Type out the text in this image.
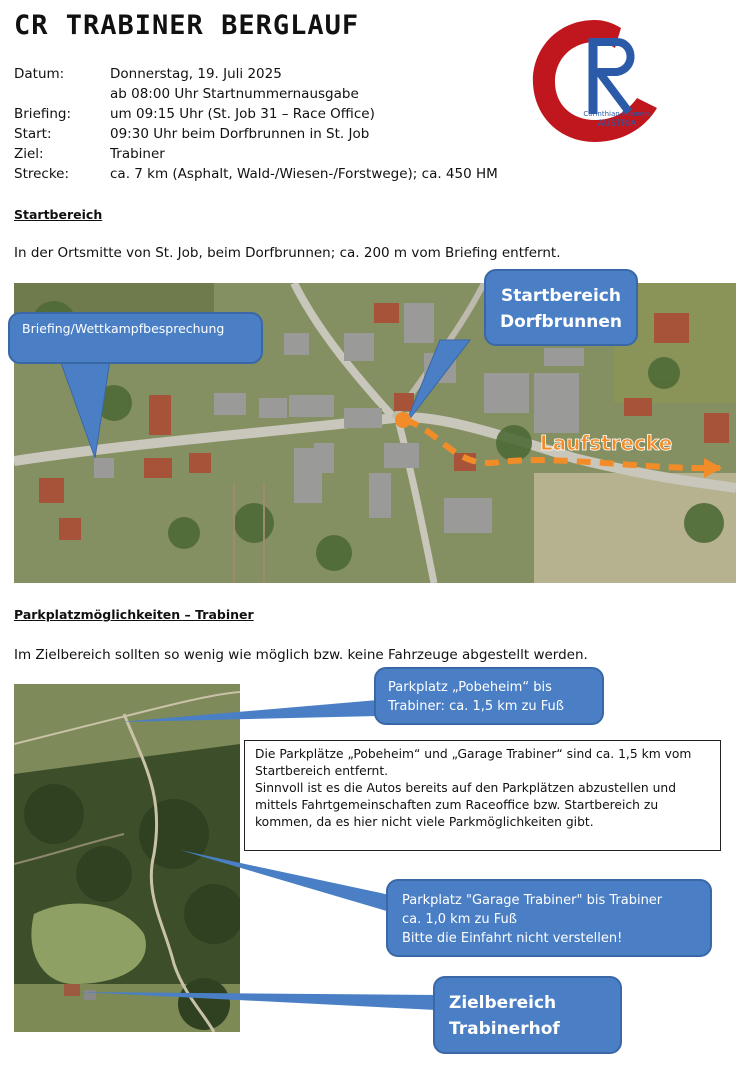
CR TRABINER BERGLAUF
Corinthian Runners
AUSTRIA
Datum:	Donnerstag, 19. Juli 2025
ab 08:00 Uhr Startnummernausgabe
Briefing:	um 09:15 Uhr (St. Job 31 – Race Office)
Start:	09:30 Uhr beim Dorfbrunnen in St. Job
Ziel:	Trabiner
Strecke:	ca. 7 km (Asphalt, Wald-/Wiesen-/Forstwege); ca. 450 HM
Startbereich
In der Ortsmitte von St. Job, beim Dorfbrunnen; ca. 200 m vom Briefing entfernt.
Laufstrecke
Briefing/Wettkampfbesprechung
Startbereich
Dorfbrunnen
Parkplatzmöglichkeiten – Trabiner
Im Zielbereich sollten so wenig wie möglich bzw. keine Fahrzeuge abgestellt werden.
Parkplatz „Pobeheim“ bis
Trabiner: ca. 1,5 km zu Fuß
Die Parkplätze „Pobeheim“ und „Garage Trabiner“ sind ca. 1,5 km vom
Startbereich entfernt.
Sinnvoll ist es die Autos bereits auf den Parkplätzen abzustellen und
mittels Fahrtgemeinschaften zum Raceoffice bzw. Startbereich zu
kommen, da es hier nicht viele Parkmöglichkeiten gibt.
Parkplatz "Garage Trabiner" bis Trabiner
ca. 1,0 km zu Fuß
Bitte die Einfahrt nicht verstellen!
Zielbereich
Trabinerhof
